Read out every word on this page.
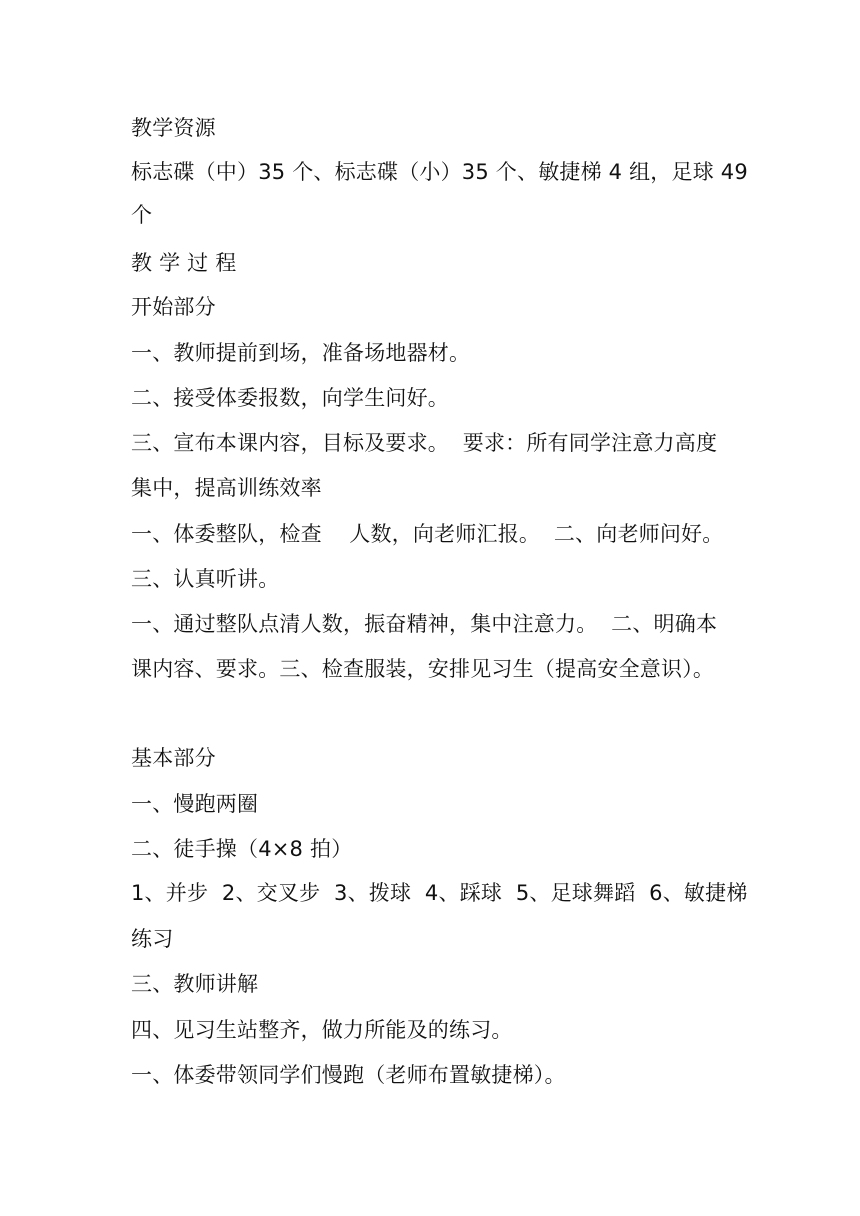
教学资源
标志碟（中）35 个、标志碟（小）35 个、敏捷梯 4 组，足球 49
个
教 学 过 程
开始部分
一、教师提前到场，准备场地器材。
二、接受体委报数，向学生问好。
三、宣布本课内容，目标及要求。  要求：所有同学注意力高度
集中，提高训练效率
一、体委整队，检查    人数，向老师汇报。  二、向老师问好。
三、认真听讲。
一、通过整队点清人数，振奋精神，集中注意力。  二、明确本
课内容、要求。三、检查服装，安排见习生（提高安全意识）。
基本部分
一、慢跑两圈
二、徒手操（4×8 拍）
1、并步  2、交叉步  3、拨球  4、踩球  5、足球舞蹈  6、敏捷梯
练习
三、教师讲解
四、见习生站整齐，做力所能及的练习。
一、体委带领同学们慢跑（老师布置敏捷梯）。
